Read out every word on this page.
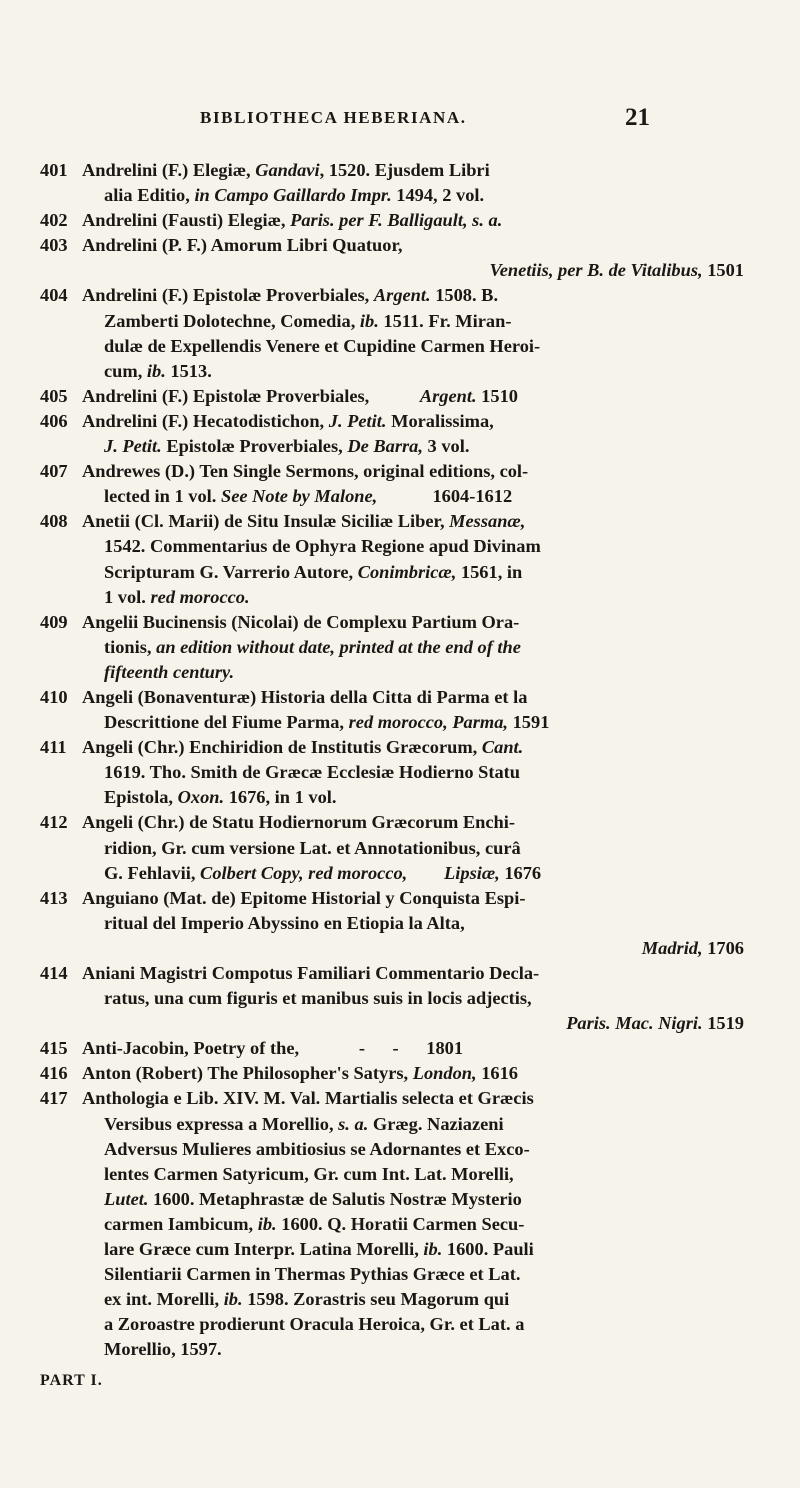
BIBLIOTHECA HEBERIANA.	21
401 Andrelini (F.) Elegiæ, Gandavi, 1520. Ejusdem Libri
alia Editio, in Campo Gaillardo Impr. 1494, 2 vol.
402 Andrelini (Fausti) Elegiæ, Paris. per F. Balligault, s. a.
403 Andrelini (P. F.) Amorum Libri Quatuor,
Venetiis, per B. de Vitalibus, 1501
404 Andrelini (F.) Epistolæ Proverbiales, Argent. 1508. B.
Zamberti Dolotechne, Comedia, ib. 1511. Fr. Miran-
dulæ de Expellendis Venere et Cupidine Carmen Heroi-
cum, ib. 1513.
405 Andrelini (F.) Epistolæ Proverbiales,           Argent. 1510
406 Andrelini (F.) Hecatodistichon, J. Petit. Moralissima,
J. Petit. Epistolæ Proverbiales, De Barra, 3 vol.
407 Andrewes (D.) Ten Single Sermons, original editions, col-
lected in 1 vol. See Note by Malone,            1604-1612
408 Anetii (Cl. Marii) de Situ Insulæ Siciliæ Liber, Messanæ,
1542. Commentarius de Ophyra Regione apud Divinam
Scripturam G. Varrerio Autore, Conimbricæ, 1561, in
1 vol. red morocco.
409 Angelii Bucinensis (Nicolai) de Complexu Partium Ora-
tionis, an edition without date, printed at the end of the
fifteenth century.
410 Angeli (Bonaventuræ) Historia della Citta di Parma et la
Descrittione del Fiume Parma, red morocco, Parma, 1591
411 Angeli (Chr.) Enchiridion de Institutis Græcorum, Cant.
1619. Tho. Smith de Græcæ Ecclesiæ Hodierno Statu
Epistola, Oxon. 1676, in 1 vol.
412 Angeli (Chr.) de Statu Hodiernorum Græcorum Enchi-
ridion, Gr. cum versione Lat. et Annotationibus, curâ
G. Fehlavii, Colbert Copy, red morocco, Lipsiæ, 1676
413 Anguiano (Mat. de) Epitome Historial y Conquista Espi-
ritual del Imperio Abyssino en Etiopia la Alta,
Madrid, 1706
414 Aniani Magistri Compotus Familiari Commentario Decla-
ratus, una cum figuris et manibus suis in locis adjectis,
Paris. Mac. Nigri. 1519
415 Anti-Jacobin, Poetry of the,             -      -      1801
416 Anton (Robert) The Philosopher's Satyrs, London, 1616
417 Anthologia e Lib. XIV. M. Val. Martialis selecta et Græcis
Versibus expressa a Morellio, s. a. Græg. Naziazeni
Adversus Mulieres ambitiosius se Adornantes et Exco-
lentes Carmen Satyricum, Gr. cum Int. Lat. Morelli,
Lutet. 1600. Metaphrastæ de Salutis Nostræ Mysterio
carmen Iambicum, ib. 1600. Q. Horatii Carmen Secu-
lare Græce cum Interpr. Latina Morelli, ib. 1600. Pauli
Silentiarii Carmen in Thermas Pythias Græce et Lat.
ex int. Morelli, ib. 1598. Zorastris seu Magorum qui
a Zoroastre prodierunt Oracula Heroica, Gr. et Lat. a
Morellio, 1597.
PART I.
